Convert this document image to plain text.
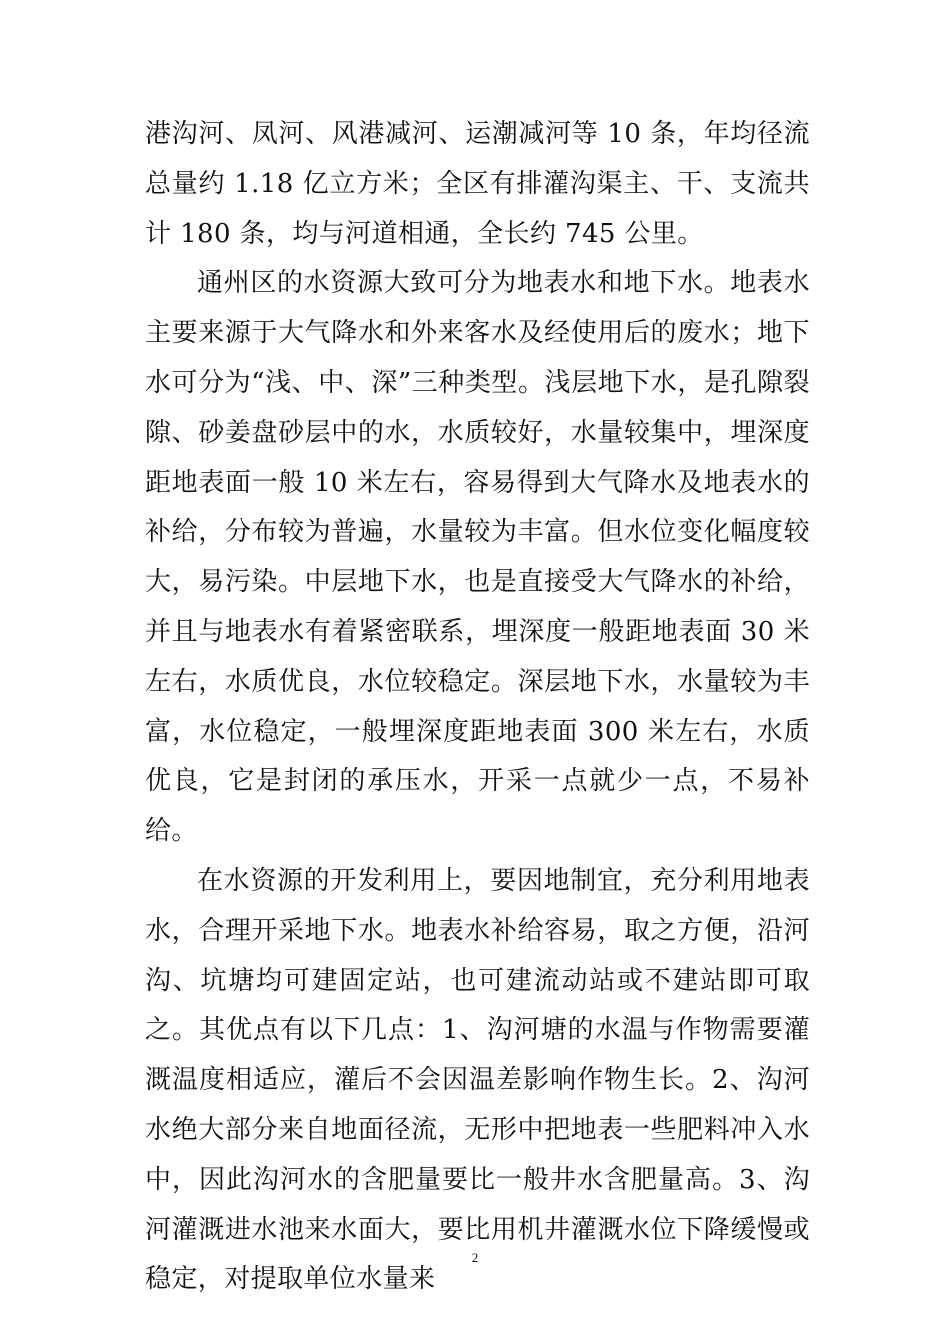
港沟河、凤河、风港减河、运潮减河等 10 条，年均径流总量约 1.18 亿立方米；全区有排灌沟渠主、干、支流共计 180 条，均与河道相通，全长约 745 公里。

通州区的水资源大致可分为地表水和地下水。地表水主要来源于大气降水和外来客水及经使用后的废水；地下水可分为“浅、中、深”三种类型。浅层地下水，是孔隙裂隙、砂姜盘砂层中的水，水质较好，水量较集中，埋深度距地表面一般 10 米左右，容易得到大气降水及地表水的补给，分布较为普遍，水量较为丰富。但水位变化幅度较大，易污染。中层地下水，也是直接受大气降水的补给，并且与地表水有着紧密联系，埋深度一般距地表面 30 米左右，水质优良，水位较稳定。深层地下水，水量较为丰富，水位稳定，一般埋深度距地表面 300 米左右，水质优良，它是封闭的承压水，开采一点就少一点，不易补给。

在水资源的开发利用上，要因地制宜，充分利用地表水，合理开采地下水。地表水补给容易，取之方便，沿河沟、坑塘均可建固定站，也可建流动站或不建站即可取之。其优点有以下几点：1、沟河塘的水温与作物需要灌溉温度相适应，灌后不会因温差影响作物生长。2、沟河水绝大部分来自地面径流，无形中把地表一些肥料冲入水中，因此沟河水的含肥量要比一般井水含肥量高。3、沟河灌溉进水池来水面大，要比用机井灌溉水位下降缓慢或稳定，对提取单位水量来

2
